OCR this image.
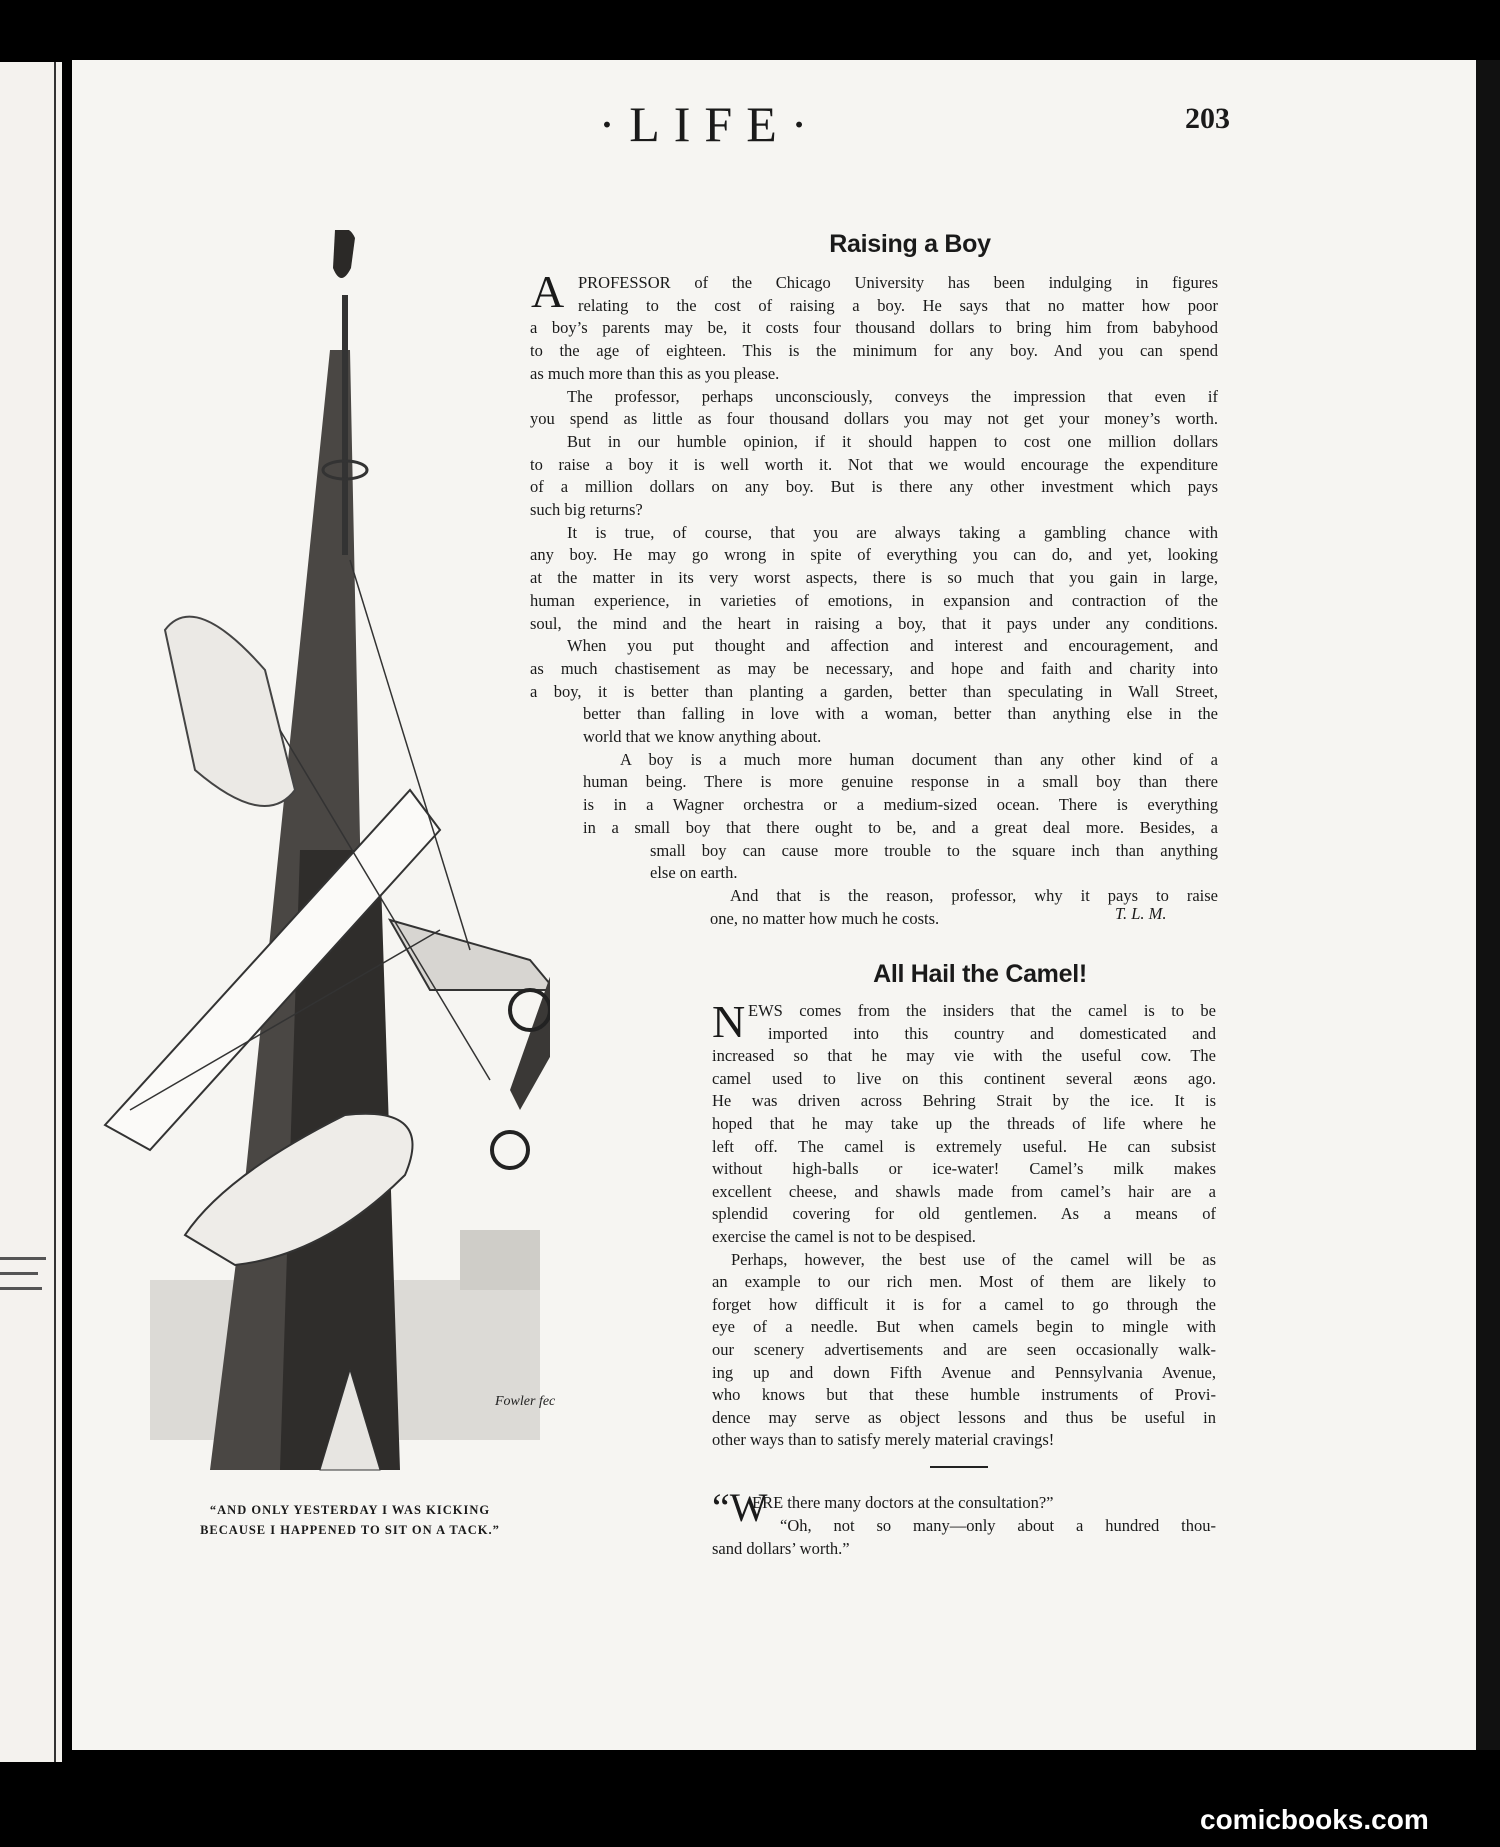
·LIFE·	203
Fowler fec
“AND ONLY YESTERDAY I WAS KICKING
BECAUSE I HAPPENED TO SIT ON A TACK.”
Raising a Boy
A PROFESSOR of the Chicago University has been indulging in figures
relating to the cost of raising a boy. He says that no matter how poor
a boy’s parents may be, it costs four thousand dollars to bring him from babyhood
to the age of eighteen. This is the minimum for any boy. And you can spend
as much more than this as you please.
The professor, perhaps unconsciously, conveys the impression that even if
you spend as little as four thousand dollars you may not get your money’s worth.
But in our humble opinion, if it should happen to cost one million dollars
to raise a boy it is well worth it. Not that we would encourage the expenditure
of a million dollars on any boy. But is there any other investment which pays
such big returns?
It is true, of course, that you are always taking a gambling chance with
any boy. He may go wrong in spite of everything you can do, and yet, looking
at the matter in its very worst aspects, there is so much that you gain in large,
human experience, in varieties of emotions, in expansion and contraction of the
soul, the mind and the heart in raising a boy, that it pays under any conditions.
When you put thought and affection and interest and encouragement, and
as much chastisement as may be necessary, and hope and faith and charity into
a boy, it is better than planting a garden, better than speculating in Wall Street,
better than falling in love with a woman, better than anything else in the
world that we know anything about.
A boy is a much more human document than any other kind of a
human being. There is more genuine response in a small boy than there
is in a Wagner orchestra or a medium-sized ocean. There is everything
in a small boy that there ought to be, and a great deal more. Besides, a
small boy can cause more trouble to the square inch than anything
else on earth.
And that is the reason, professor, why it pays to raise
one, no matter how much he costs.	T. L. M.
All Hail the Camel!
N EWS comes from the insiders that the camel is to be
imported into this country and domesticated and
increased so that he may vie with the useful cow. The
camel used to live on this continent several æons ago.
He was driven across Behring Strait by the ice. It is
hoped that he may take up the threads of life where he
left off. The camel is extremely useful. He can subsist
without high-balls or ice-water! Camel’s milk makes
excellent cheese, and shawls made from camel’s hair are a
splendid covering for old gentlemen. As a means of
exercise the camel is not to be despised.
Perhaps, however, the best use of the camel will be as
an example to our rich men. Most of them are likely to
forget how difficult it is for a camel to go through the
eye of a needle. But when camels begin to mingle with
our scenery advertisements and are seen occasionally walk-
ing up and down Fifth Avenue and Pennsylvania Avenue,
who knows but that these humble instruments of Provi-
dence may serve as object lessons and thus be useful in
other ways than to satisfy merely material cravings!
“W
ERE there many doctors at the consultation?”
“Oh, not so many—only about a hundred thou-
sand dollars’ worth.”
comicbooks.com
